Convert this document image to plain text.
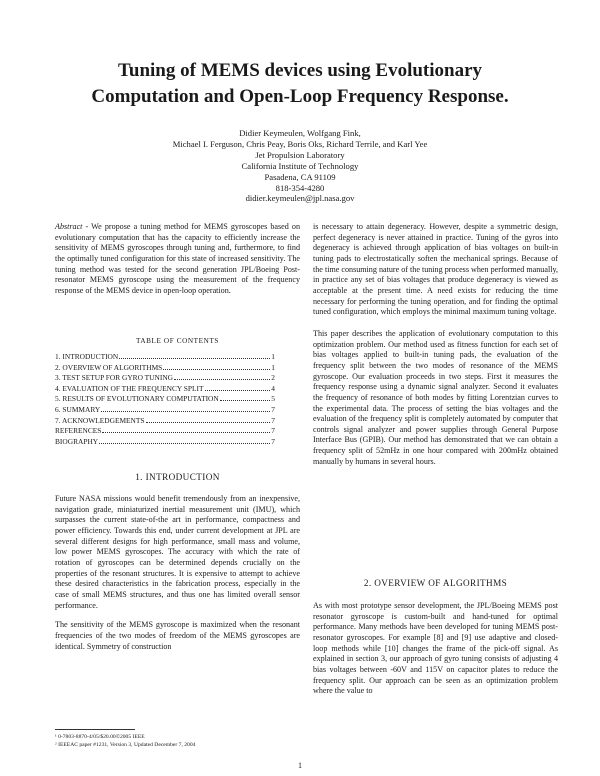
Tuning of MEMS devices using Evolutionary
Computation and Open-Loop Frequency Response.
Didier Keymeulen, Wolfgang Fink,
Michael I. Ferguson, Chris Peay, Boris Oks, Richard Terrile, and Karl Yee
Jet Propulsion Laboratory
California Institute of Technology
Pasadena, CA 91109
818-354-4280
didier.keymeulen@jpl.nasa.gov

Abstract - We propose a tuning method for MEMS gyroscopes based on evolutionary computation that has the capacity to efficiently increase the sensitivity of MEMS gyroscopes through tuning and, furthermore, to find the optimally tuned configuration for this state of increased sensitivity. The tuning method was tested for the second generation JPL/Boeing Post-resonator MEMS gyroscope using the measurement of the frequency response of the MEMS device in open-loop operation.

TABLE OF CONTENTS
1. INTRODUCTION	1
2. OVERVIEW OF ALGORITHMS	1
3. TEST SETUP FOR GYRO TUNING	2
4. EVALUATION OF THE FREQUENCY SPLIT	4
5. RESULTS OF EVOLUTIONARY COMPUTATION	5
6. SUMMARY	7
7. ACKNOWLEDGEMENTS	7
REFERENCES	7
BIOGRAPHY	7
1. INTRODUCTION

Future NASA missions would benefit tremendously from an inexpensive, navigation grade, miniaturized inertial measurement unit (IMU), which surpasses the current state-of-the art in performance, compactness and power efficiency. Towards this end, under current development at JPL are several different designs for high performance, small mass and volume, low power MEMS gyroscopes. The accuracy with which the rate of rotation of gyroscopes can be determined depends crucially on the properties of the resonant structures. It is expensive to attempt to achieve these desired characteristics in the fabrication process, especially in the case of small MEMS structures, and thus one has limited overall sensor performance.

The sensitivity of the MEMS gyroscope is maximized when the resonant frequencies of the two modes of freedom of the MEMS gyroscopes are identical. Symmetry of construction

is necessary to attain degeneracy. However, despite a symmetric design, perfect degeneracy is never attained in practice. Tuning of the gyros into degeneracy is achieved through application of bias voltages on built-in tuning pads to electrostatically soften the mechanical springs. Because of the time consuming nature of the tuning process when performed manually, in practice any set of bias voltages that produce degeneracy is viewed as acceptable at the present time. A need exists for reducing the time necessary for performing the tuning operation, and for finding the optimal tuned configuration, which employs the minimal maximum tuning voltage.

This paper describes the application of evolutionary computation to this optimization problem. Our method used as fitness function for each set of bias voltages applied to built-in tuning pads, the evaluation of the frequency split between the two modes of resonance of the MEMS gyroscope. Our evaluation proceeds in two steps. First it measures the frequency response using a dynamic signal analyzer. Second it evaluates the frequency of resonance of both modes by fitting Lorentzian curves to the experimental data. The process of setting the bias voltages and the evaluation of the frequency split is completely automated by computer that controls signal analyzer and power supplies through General Purpose Interface Bus (GPIB). Our method has demonstrated that we can obtain a frequency split of 52mHz in one hour compared with 200mHz obtained manually by humans in several hours.

2. OVERVIEW OF ALGORITHMS

As with most prototype sensor development, the JPL/Boeing MEMS post resonator gyroscope is custom-built and hand-tuned for optimal performance. Many methods have been developed for tuning MEMS post-resonator gyroscopes. For example [8] and [9] use adaptive and closed-loop methods while [10] changes the frame of the pick-off signal. As explained in section 3, our approach of gyro tuning consists of adjusting 4 bias voltages between -60V and 115V on capacitor plates to reduce the frequency split. Our approach can be seen as an optimization problem where the value to

¹ 0-7803-8870-4/05/$20.00©2005 IEEE
² IEEEAC paper #1231, Version 3, Updated December 7, 2004
1
